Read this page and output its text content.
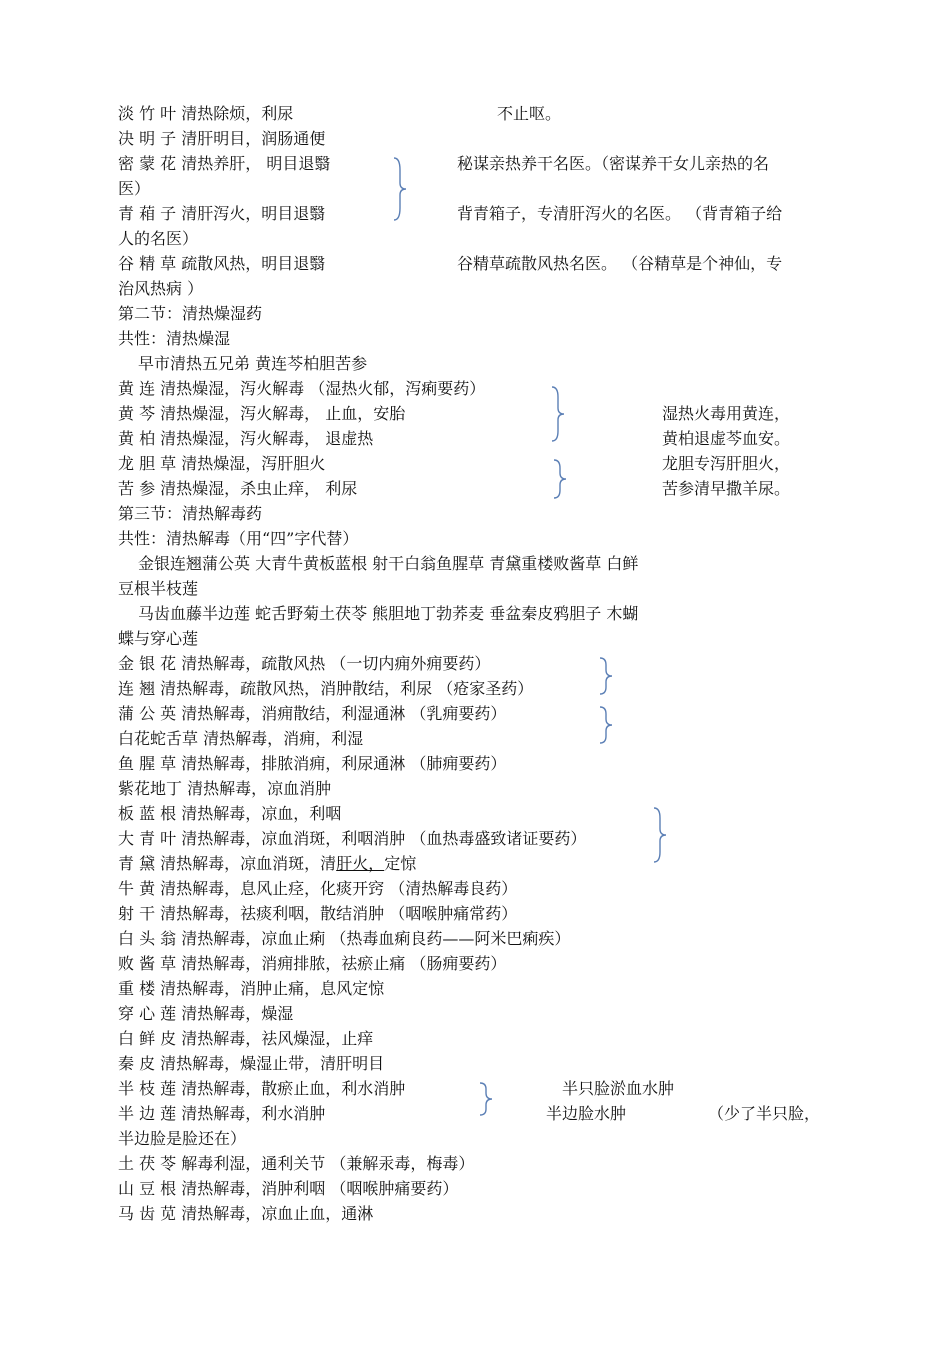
淡 竹 叶 清热除烦，利尿	不止呕。
决 明 子 清肝明目，润肠通便
密 蒙 花 清热养肝， 明目退翳	秘谋亲热养干名医。（密谋养干女儿亲热的名
医）
青 葙 子 清肝泻火，明目退翳	背青箱子，专清肝泻火的名医。 （背青箱子给
人的名医）
谷 精 草 疏散风热，明目退翳	谷精草疏散风热名医。 （谷精草是个神仙，专
治风热病 ）
第二节：清热燥湿药
共性：清热燥湿
早市清热五兄弟 黄连芩柏胆苦参
黄 连 清热燥湿，泻火解毒 （湿热火郁，泻痢要药）
黄 芩 清热燥湿，泻火解毒， 止血，安胎	湿热火毒用黄连，
黄 柏 清热燥湿，泻火解毒， 退虚热	黄柏退虚芩血安。
龙 胆 草 清热燥湿，泻肝胆火	龙胆专泻肝胆火，
苦 参 清热燥湿，杀虫止痒， 利尿	苦参清早撒羊尿。
第三节：清热解毒药
共性：清热解毒（用“四”字代替）
金银连翘蒲公英 大青牛黄板蓝根 射干白翁鱼腥草 青黛重楼败酱草 白鲜
豆根半枝莲
马齿血藤半边莲 蛇舌野菊土茯苓 熊胆地丁勃荞麦 垂盆秦皮鸦胆子 木蝴
蝶与穿心莲
金 银 花 清热解毒，疏散风热 （一切内痈外痈要药）
连 翘 清热解毒，疏散风热，消肿散结，利尿 （疮家圣药）
蒲 公 英 清热解毒，消痈散结，利湿通淋 （乳痈要药）
白花蛇舌草 清热解毒，消痈，利湿
鱼 腥 草 清热解毒，排脓消痈，利尿通淋 （肺痈要药）
紫花地丁 清热解毒，凉血消肿
板 蓝 根 清热解毒，凉血，利咽
大 青 叶 清热解毒，凉血消斑，利咽消肿 （血热毒盛致诸证要药）
青 黛 清热解毒，凉血消斑，清肝火，定惊
牛 黄 清热解毒，息风止痉，化痰开窍 （清热解毒良药）
射 干 清热解毒，祛痰利咽，散结消肿 （咽喉肿痛常药）
白 头 翁 清热解毒，凉血止痢 （热毒血痢良药——阿米巴痢疾）
败 酱 草 清热解毒，消痈排脓，祛瘀止痛 （肠痈要药）
重 楼 清热解毒，消肿止痛，息风定惊
穿 心 莲 清热解毒，燥湿
白 鲜 皮 清热解毒，祛风燥湿，止痒
秦 皮 清热解毒，燥湿止带，清肝明目
半 枝 莲 清热解毒，散瘀止血，利水消肿	半只脸淤血水肿
半 边 莲 清热解毒，利水消肿	半边脸水肿	（少了半只脸，
半边脸是脸还在）
土 茯 苓 解毒利湿，通利关节 （兼解汞毒，梅毒）
山 豆 根 清热解毒，消肿利咽 （咽喉肿痛要药）
马 齿 苋 清热解毒，凉血止血，通淋
